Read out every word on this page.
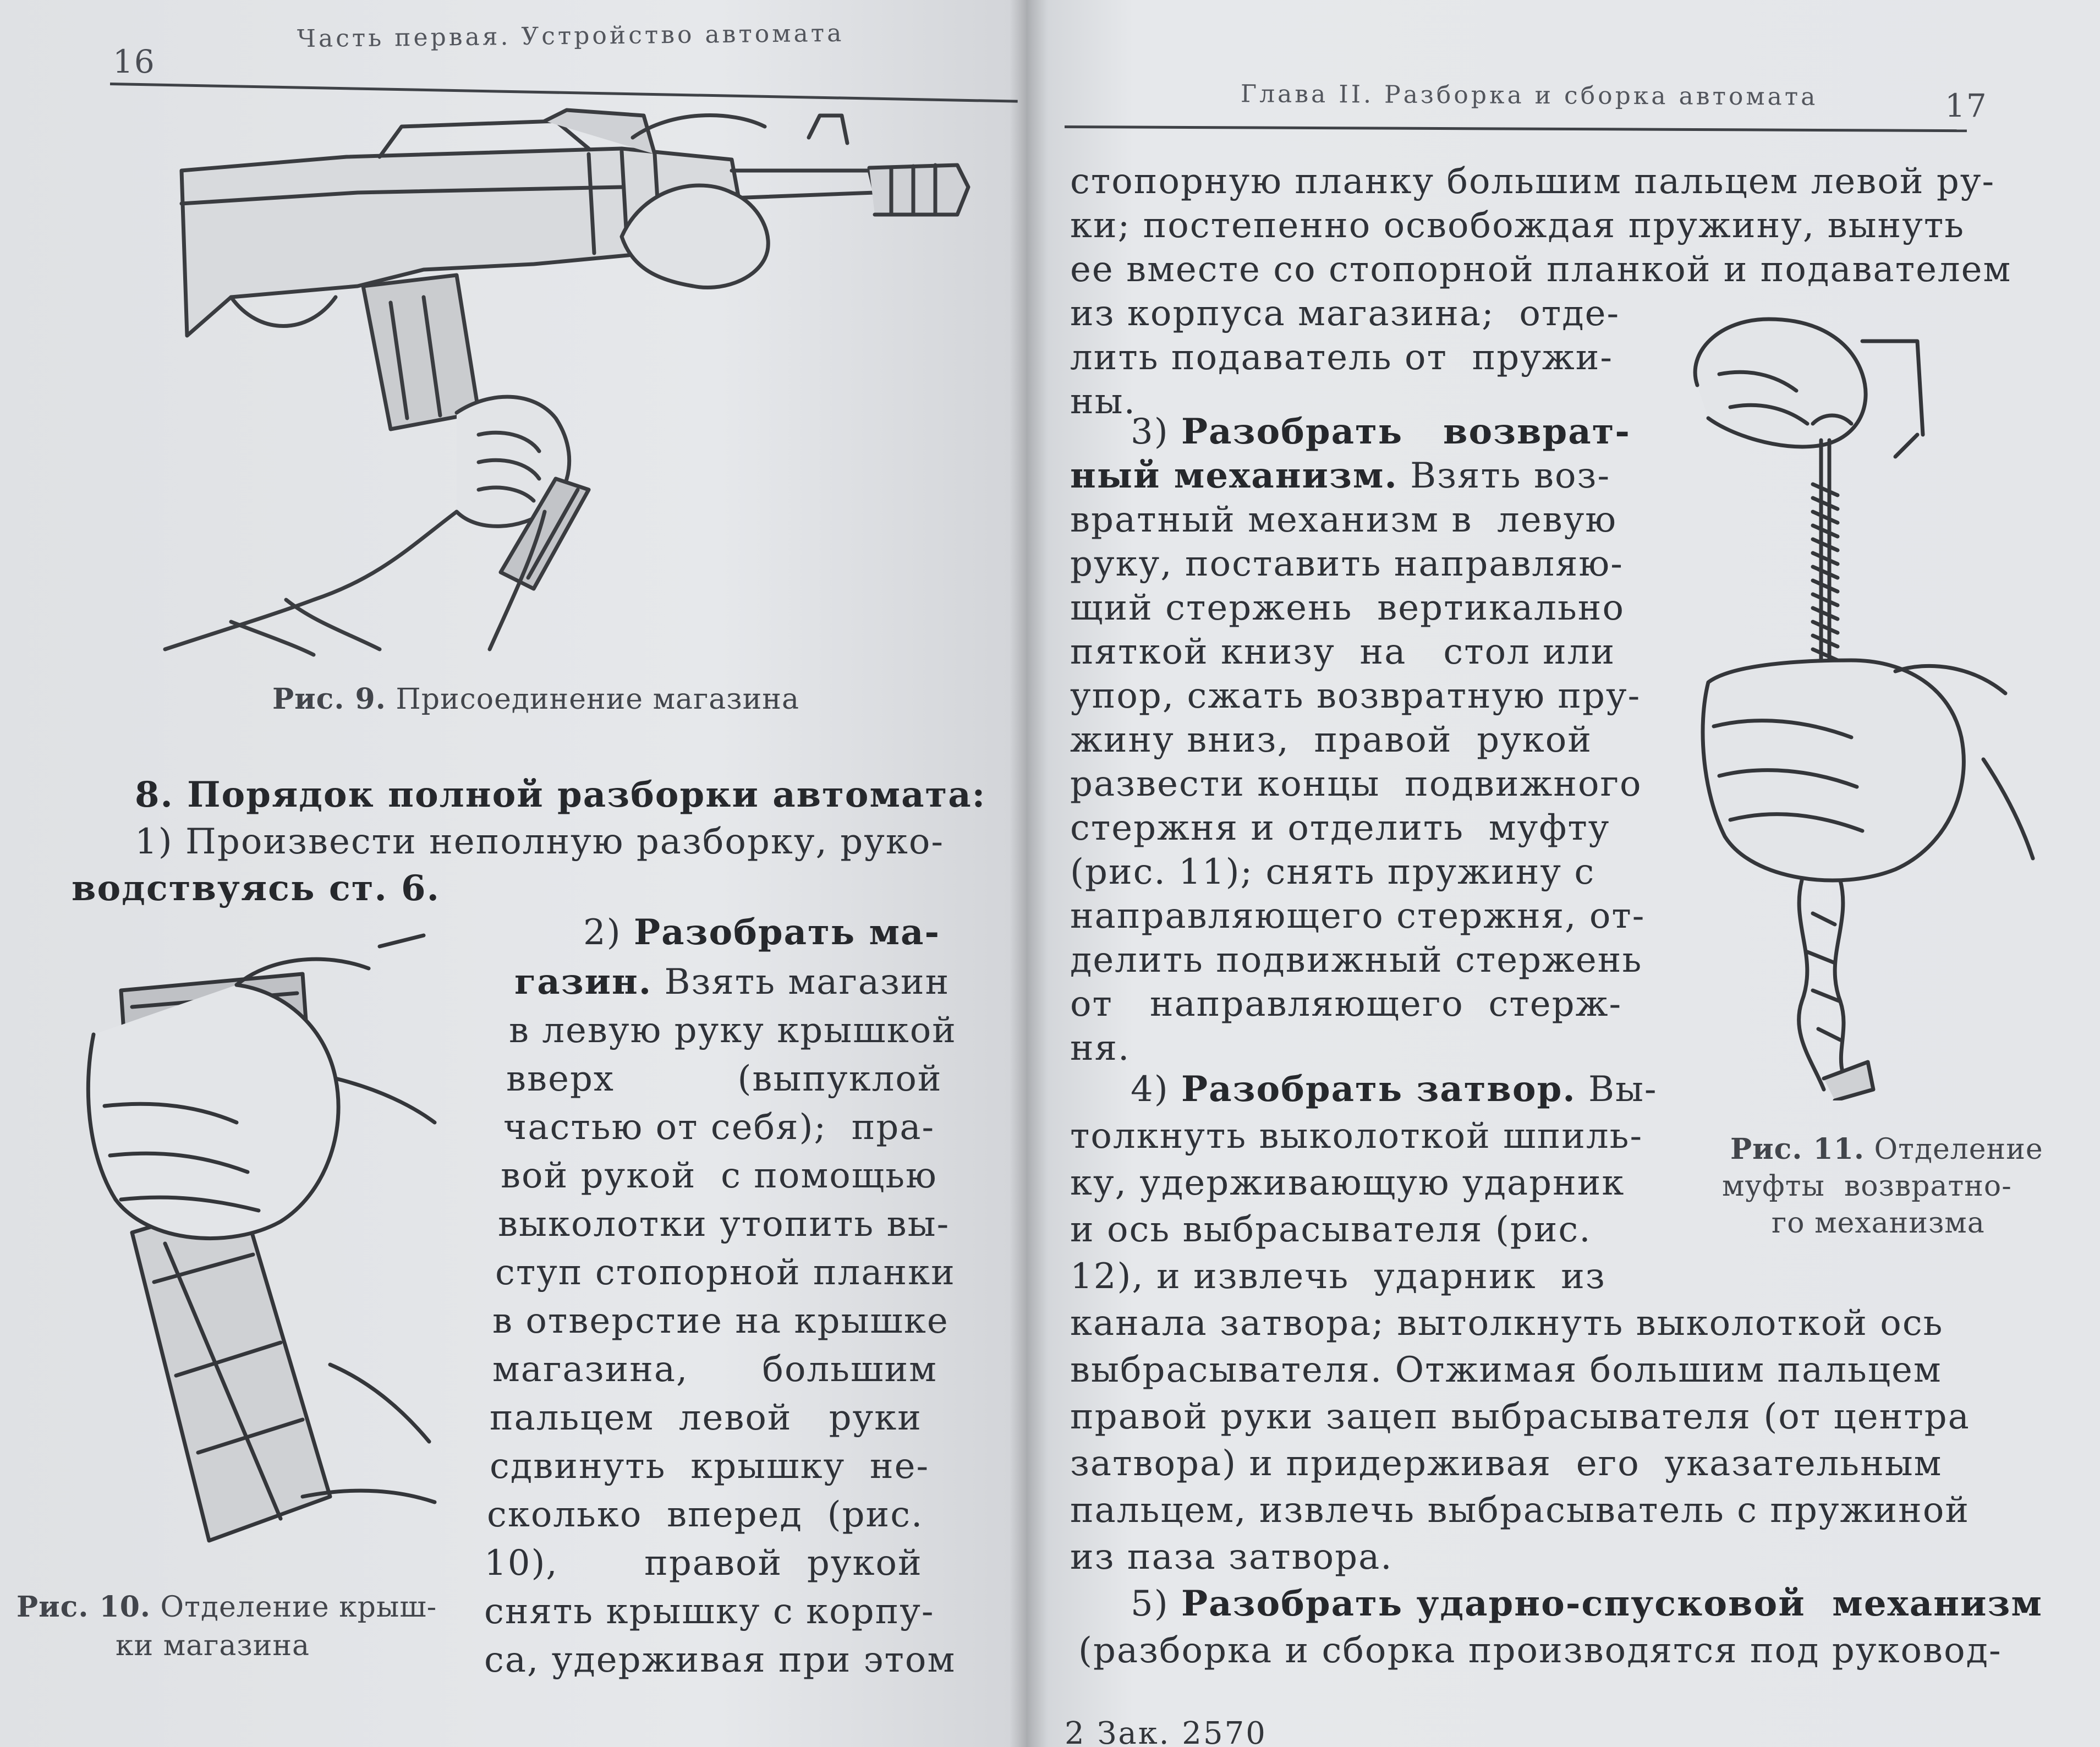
16
Часть первая. Устройство автомата
Рис. 9. Присоединение магазина
8. Порядок полной разборки автомата:
1) Произвести неполную разборку, руко-
водствуясь ст. 6.
Рис. 10. Отделение крыш-
ки магазина
2) Разобрать ма-
газин. Взять магазин
в левую руку крышкой
вверх          (выпуклой
частью от себя);  пра-
вой рукой  с помощью
выколотки утопить вы-
ступ стопорной планки
в отверстие на крышке
магазина,      большим
пальцем  левой   руки
сдвинуть  крышку  не-
сколько  вперед  (рис.
10),       правой  рукой
снять крышку с корпу-
са, удерживая при этом
Глава II. Разборка и сборка автомата	17
стопорную планку большим пальцем левой ру-
ки; постепенно освобождая пружину, вынуть
ее вместе со стопорной планкой и подавателем
из корпуса магазина;  отде-
лить подаватель от  пружи-
ны.
3) Разобрать   возврат-
ный механизм. Взять воз-
вратный механизм в  левую
руку, поставить направляю-
щий стержень  вертикально
пяткой книзу  на   стол или
упор, сжать возвратную пру-
жину вниз,  правой  рукой
развести концы  подвижного
стержня и отделить  муфту
(рис. 11); снять пружину с
направляющего стержня, от-
делить подвижный стержень
от   направляющего  стерж-
ня.
4) Разобрать затвор. Вы-
толкнуть выколоткой шпиль-
ку, удерживающую ударник
и ось выбрасывателя (рис.
12), и извлечь  ударник  из
канала затвора; вытолкнуть выколоткой ось
выбрасывателя. Отжимая большим пальцем
правой руки зацеп выбрасывателя (от центра
затвора) и придерживая  его  указательным
пальцем, извлечь выбрасыватель с пружиной
из паза затвора.
5) Разобрать ударно-спусковой  механизм
(разборка и сборка производятся под руковод-
2 Зак. 2570
Рис. 11. Отделение
муфты  возвратно-
го механизма
